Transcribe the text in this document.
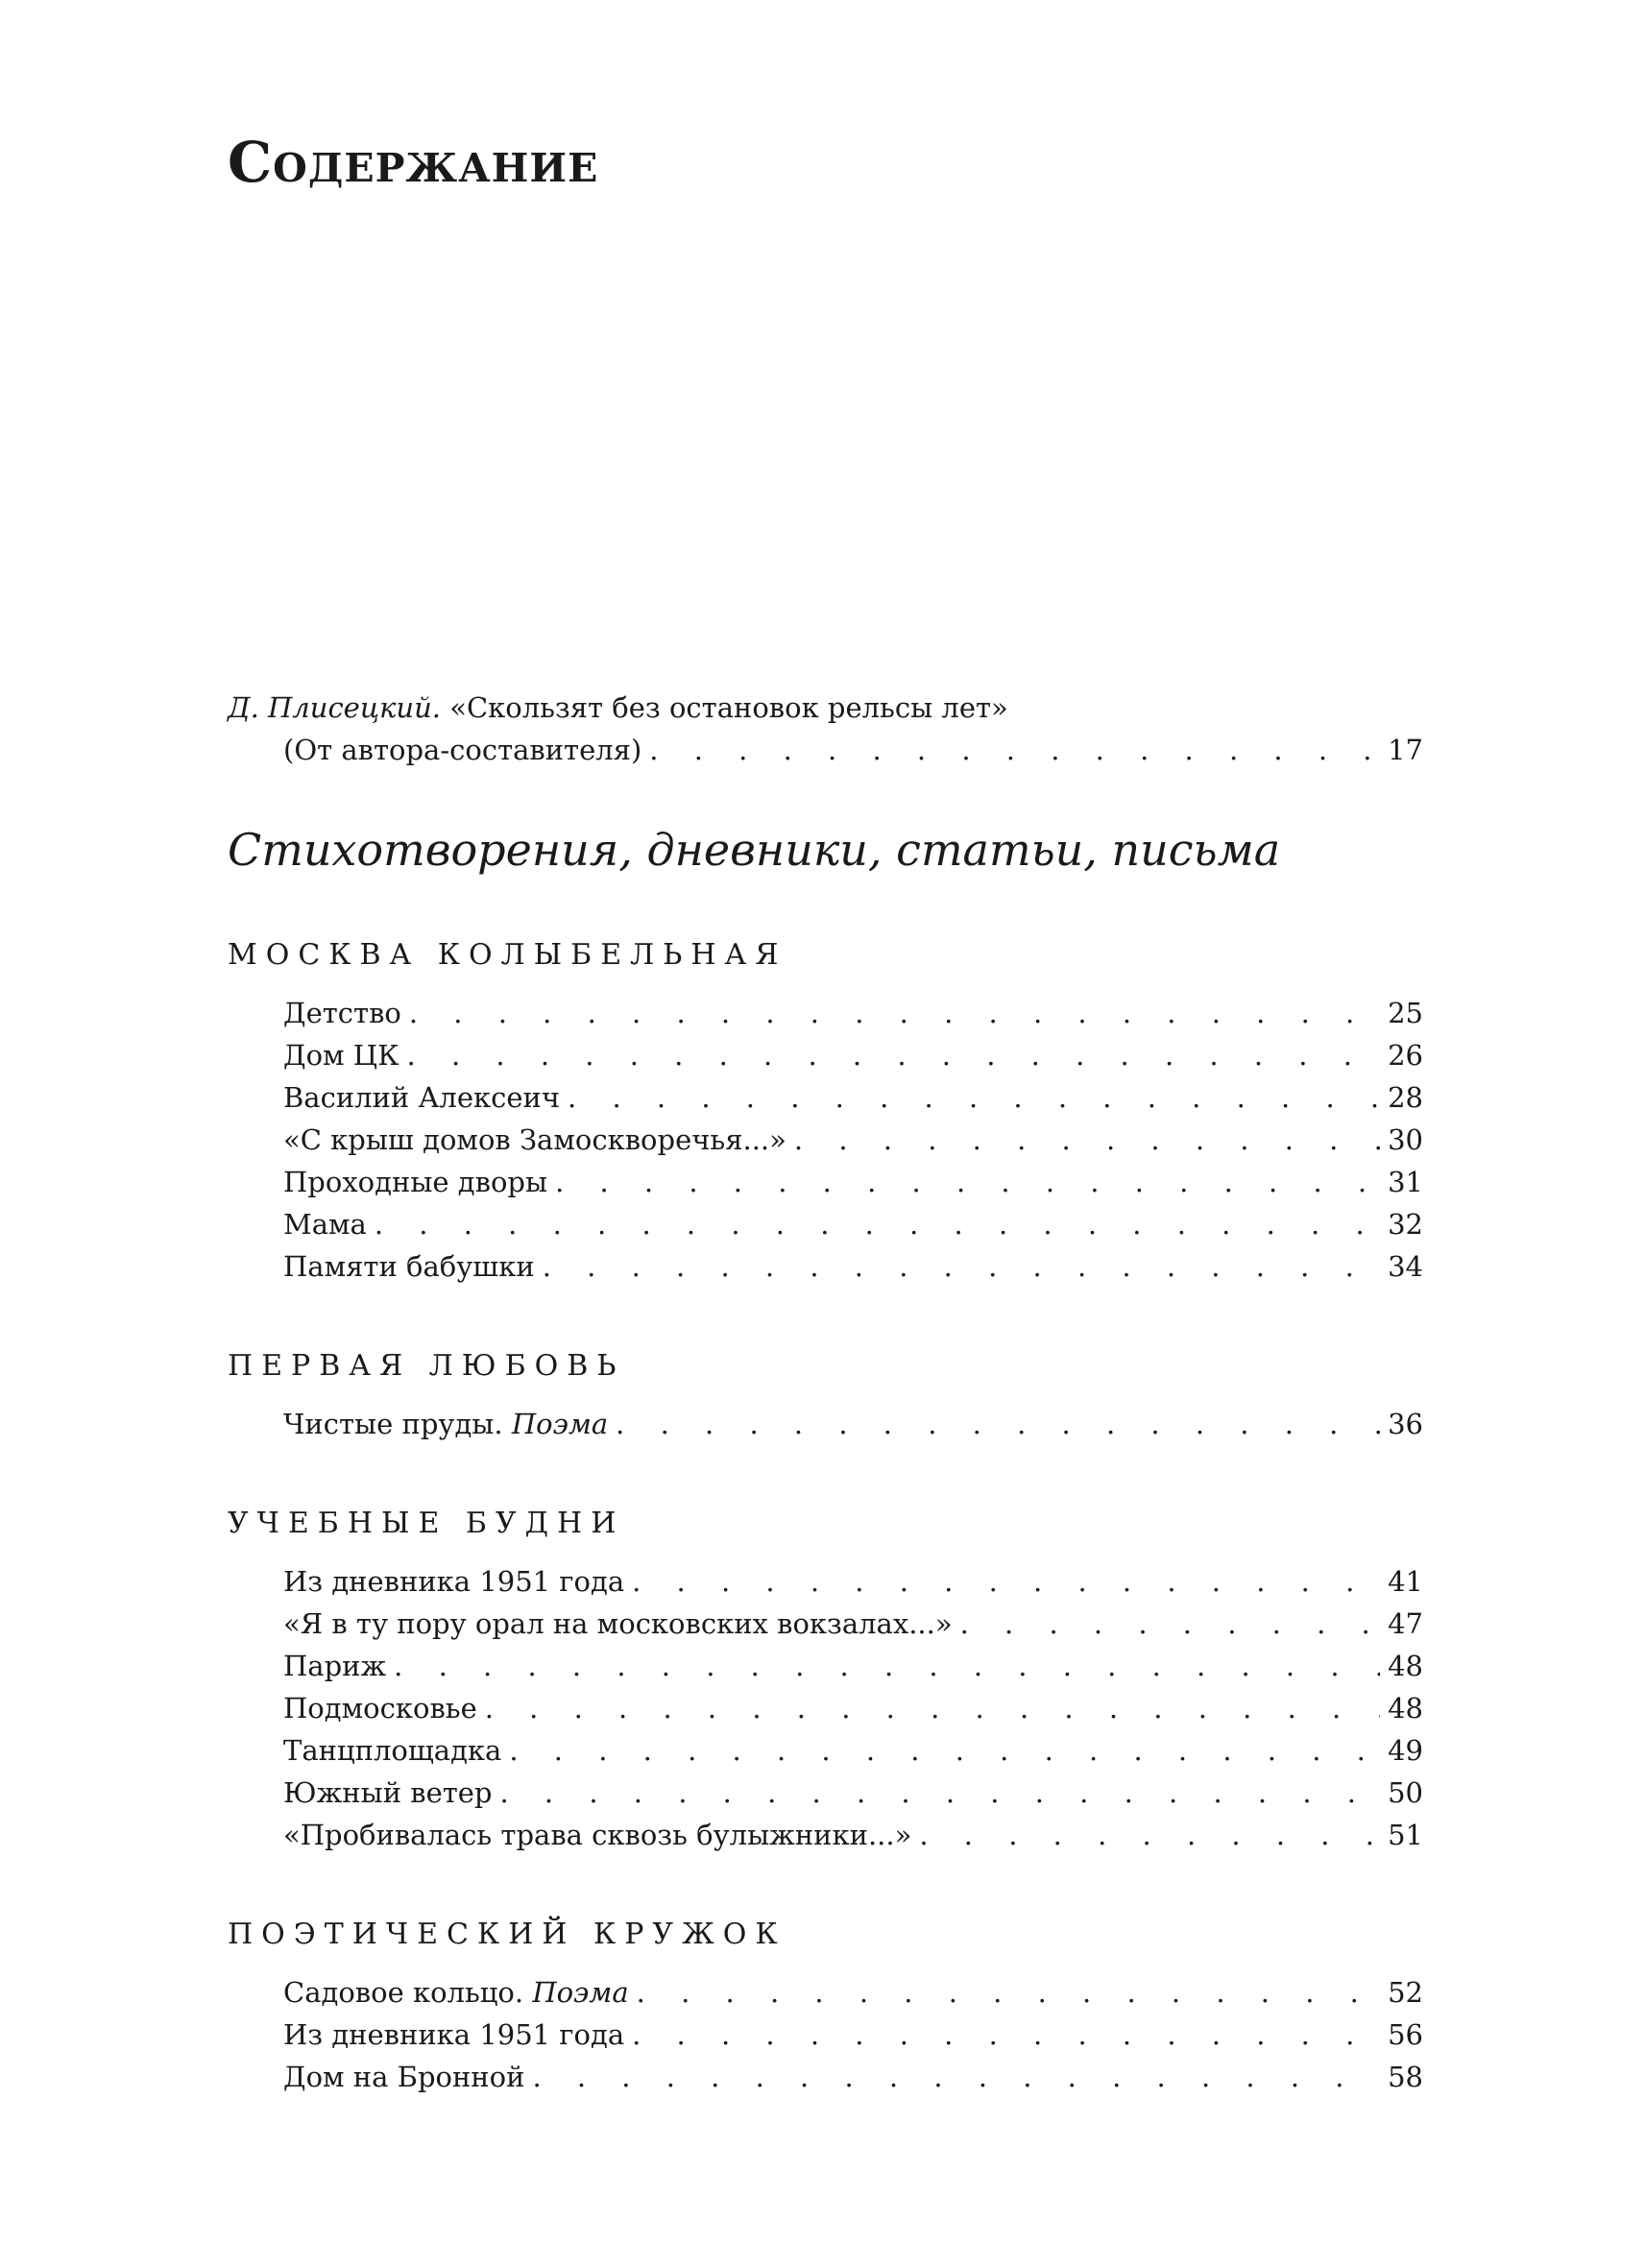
Содержание
Д. Плисецкий. «Скользят без остановок рельсы лет»
(От автора-составителя) . . .	17
Стихотворения, дневники, статьи, письма
МОСКВА КОЛЫБЕЛЬНАЯ
Детство . . .	25
Дом ЦК . . .	26
Василий Алексеич . . .	28
«С крыш домов Замоскворечья...» . . .	30
Проходные дворы . . .	31
Мама . . .	32
Памяти бабушки . . .	34
ПЕРВАЯ ЛЮБОВЬ
Чистые пруды. Поэма . . .	36
УЧЕБНЫЕ БУДНИ
Из дневника 1951 года . . .	41
«Я в ту пору орал на московских вокзалах...» . . .	47
Париж . . .	48
Подмосковье . . .	48
Танцплощадка . . .	49
Южный ветер . . .	50
«Пробивалась трава сквозь булыжники...» . . .	51
ПОЭТИЧЕСКИЙ КРУЖОК
Садовое кольцо. Поэма . . .	52
Из дневника 1951 года . . .	56
Дом на Бронной . . .	58
